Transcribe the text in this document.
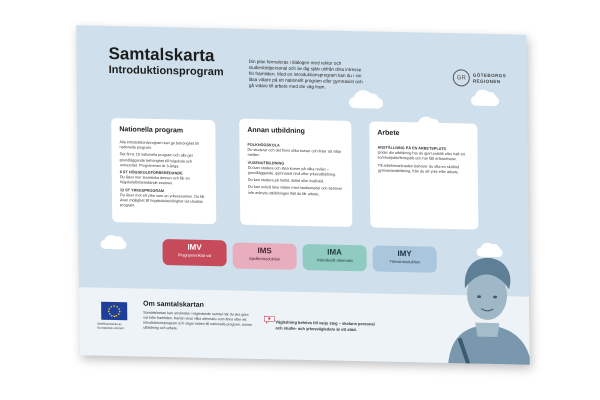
Samtalskarta
Introduktionsprogram
Din plan formuleras i dialogen med rektor och studiestödpersonal och av dig själv utifrån dina intresse för framtiden. Med en introduktionsprogram kan du i sin läsa vidare på ett nationellt program eller gymnasiet och gå vidare till arbete med din väg fram.
GR	GÖTEBORGS
REGIONEN
Nationella program
Alla introduktionsprogram kan ge behörighet till nationella program.
Det finns 18 nationella program och alla ger grundläggande behörighet till högskola och universitet. Programmen är 3-åriga.
6 ST HÖGSKOLEFÖRBEREDANDE
Du läser mer teoretiska ämnen och får en högskoleförberedande examen.
12 ST YRKESPROGRAM
Du läser mot ett yrke som en yrkesexamen. Du får även möjlighet till högskolebehörighet vid utvalda program.
Annan utbildning
FOLKHÖGSKOLA
Du studerar och det finns olika kurser och linjer att välja mellan.
VUXENUTBILDNING
Du kan studera och läsa kurser på olika nivåer – grundläggande, gymnasial nivå eller yrkesutbildning.
Du kan studera på heltid, deltid eller kvällstid.
Du kan också läsa vidare med studiemedel och behöver inte avbryta utbildningen ifall du får arbete.
Arbete
ANSTÄLLNING PÅ EN ARBETSPLATS
Under din utbildning har du gjort praktik eller haft ett sommarjobb/feriejobb och har fått erfarenheter.
Till arbetsmarknaden behöver du ofta en slutförd gymnasieutbildning, från du ett yrke eller arbete.
IMV
Programinriktat val	IMS
Språkintroduktion
IMA
Individuellt alternativ
IMY
Yrkesintroduktion
Medfinansieras av Europeiska unionen
Om samtalskartan
Samtalskartan kan användas i vägledande samtal när du ska göra val inför framtiden. Kartan visar vilka alternativ som finns efter ett introduktionsprogram och vägar vidare till nationella program, annan utbildning och arbete.
Vägledning behövs till varje steg – skolans personal och studie- och yrkesvägledare är ett stöd.
